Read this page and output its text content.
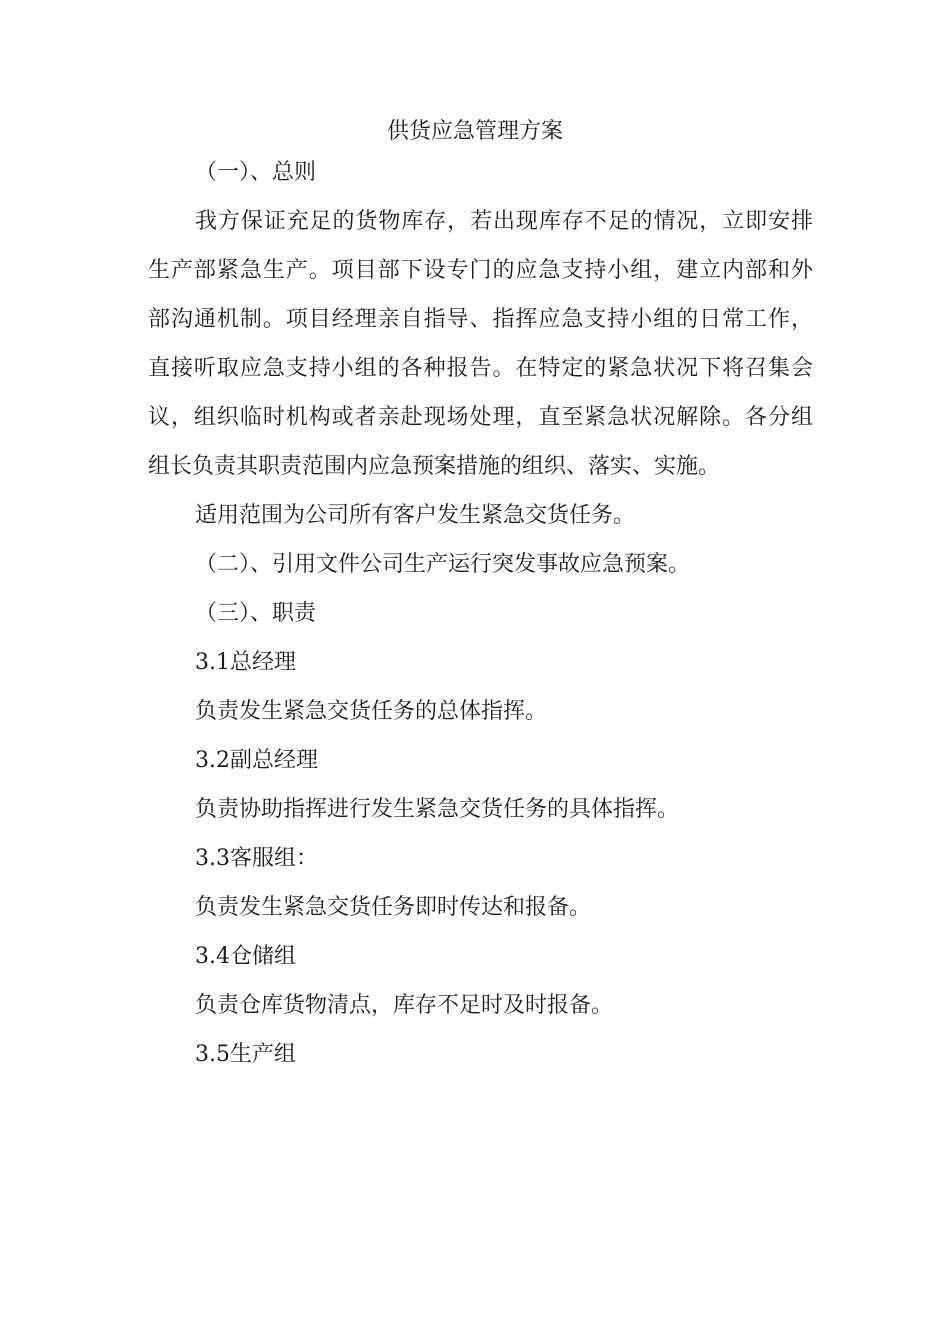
供货应急管理方案
（一）、总则
我方保证充足的货物库存，若出现库存不足的情况，立即安排
生产部紧急生产。项目部下设专门的应急支持小组，建立内部和外
部沟通机制。项目经理亲自指导、指挥应急支持小组的日常工作，
直接听取应急支持小组的各种报告。在特定的紧急状况下将召集会
议，组织临时机构或者亲赴现场处理，直至紧急状况解除。各分组
组长负责其职责范围内应急预案措施的组织、落实、实施。
适用范围为公司所有客户发生紧急交货任务。
（二）、引用文件公司生产运行突发事故应急预案。
（三）、职责
3.1总经理
负责发生紧急交货任务的总体指挥。
3.2副总经理
负责协助指挥进行发生紧急交货任务的具体指挥。
3.3客服组：
负责发生紧急交货任务即时传达和报备。
3.4仓储组
负责仓库货物清点，库存不足时及时报备。
3.5生产组
